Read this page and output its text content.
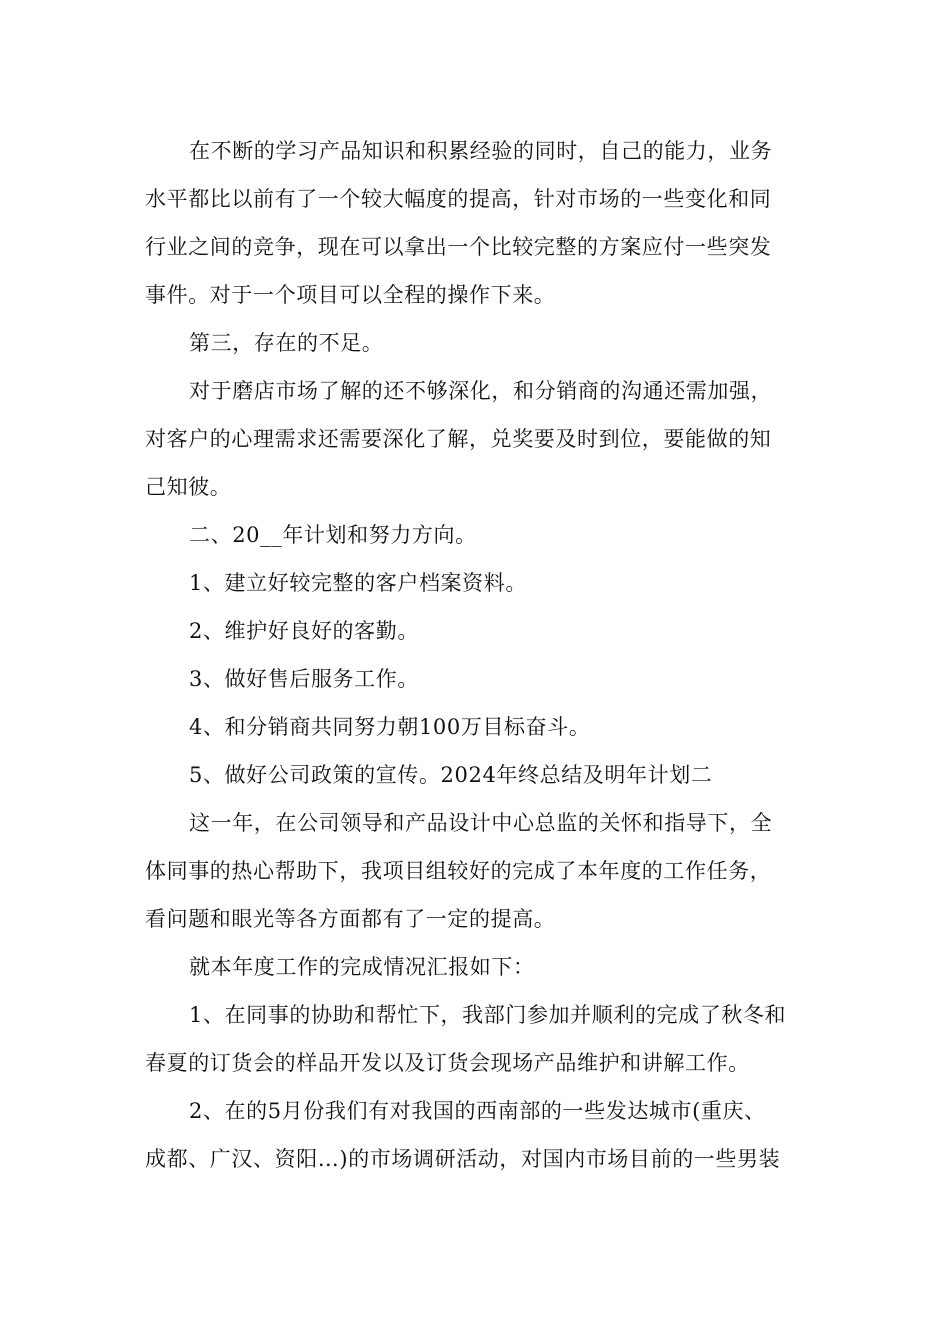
在不断的学习产品知识和积累经验的同时，自己的能力，业务
水平都比以前有了一个较大幅度的提高，针对市场的一些变化和同
行业之间的竞争，现在可以拿出一个比较完整的方案应付一些突发
事件。对于一个项目可以全程的操作下来。
第三，存在的不足。
对于磨店市场了解的还不够深化，和分销商的沟通还需加强，
对客户的心理需求还需要深化了解，兑奖要及时到位，要能做的知
己知彼。
二、20__年计划和努力方向。
1、建立好较完整的客户档案资料。
2、维护好良好的客勤。
3、做好售后服务工作。
4、和分销商共同努力朝100万目标奋斗。
5、做好公司政策的宣传。2024年终总结及明年计划二
这一年，在公司领导和产品设计中心总监的关怀和指导下，全
体同事的热心帮助下，我项目组较好的完成了本年度的工作任务，
看问题和眼光等各方面都有了一定的提高。
就本年度工作的完成情况汇报如下：
1、在同事的协助和帮忙下，我部门参加并顺利的完成了秋冬和
春夏的订货会的样品开发以及订货会现场产品维护和讲解工作。
2、在的5月份我们有对我国的西南部的一些发达城市(重庆、
成都、广汉、资阳…)的市场调研活动，对国内市场目前的一些男装
